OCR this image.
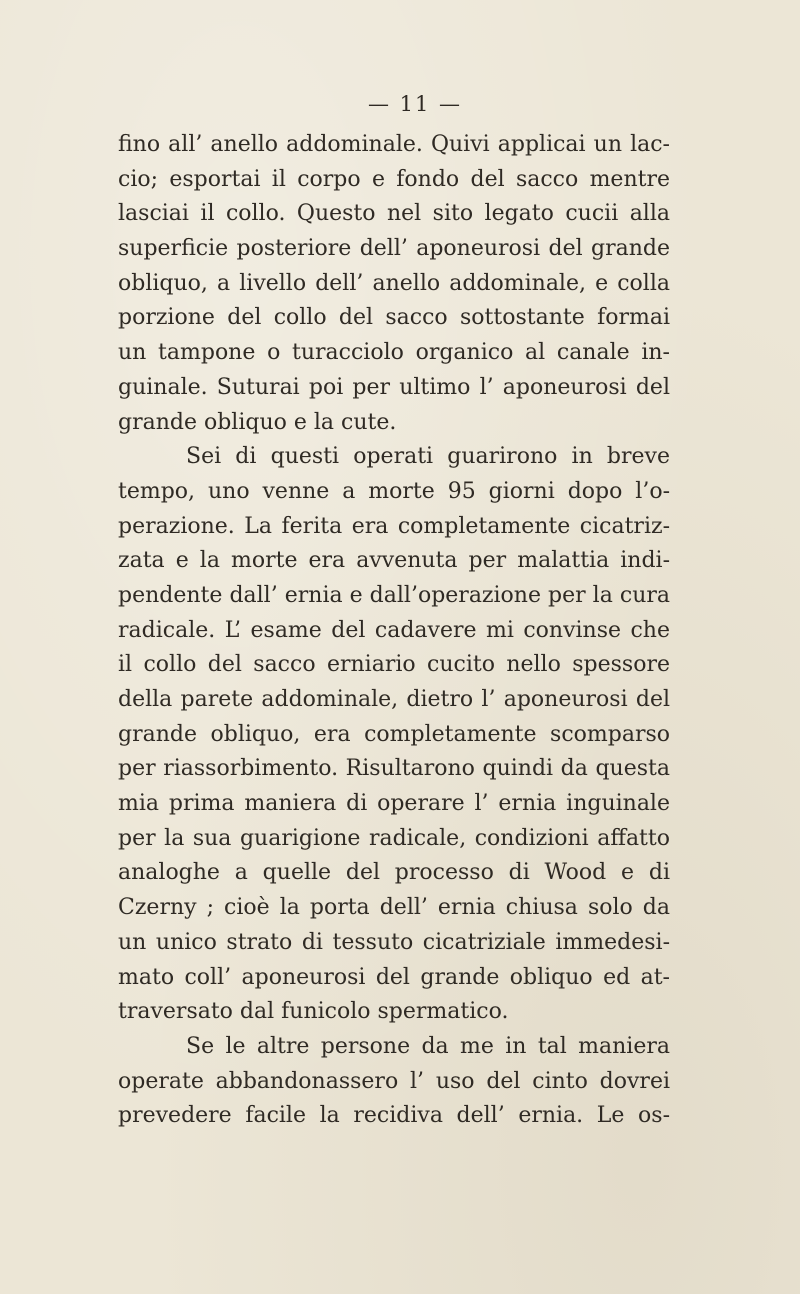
— 11 —
fino all’ anello addominale. Quivi applicai un lac-
cio; esportai il corpo e fondo del sacco mentre
lasciai il collo. Questo nel sito legato cucii alla
superficie posteriore dell’ aponeurosi del grande
obliquo, a livello dell’ anello addominale, e colla
porzione del collo del sacco sottostante formai
un tampone o turacciolo organico al canale in-
guinale. Suturai poi per ultimo l’ aponeurosi del
grande obliquo e la cute.
Sei di questi operati guarirono in breve
tempo, uno venne a morte 95 giorni dopo l’o-
perazione. La ferita era completamente cicatriz-
zata e la morte era avvenuta per malattia indi-
pendente dall’ ernia e dall’operazione per la cura
radicale. L’ esame del cadavere mi convinse che
il collo del sacco erniario cucito nello spessore
della parete addominale, dietro l’ aponeurosi del
grande obliquo, era completamente scomparso
per riassorbimento. Risultarono quindi da questa
mia prima maniera di operare l’ ernia inguinale
per la sua guarigione radicale, condizioni affatto
analoghe a quelle del processo di Wood e di
Czerny ; cioè la porta dell’ ernia chiusa solo da
un unico strato di tessuto cicatriziale immedesi-
mato coll’ aponeurosi del grande obliquo ed at-
traversato dal funicolo spermatico.
Se le altre persone da me in tal maniera
operate abbandonassero l’ uso del cinto dovrei
prevedere facile la recidiva dell’ ernia. Le os-
